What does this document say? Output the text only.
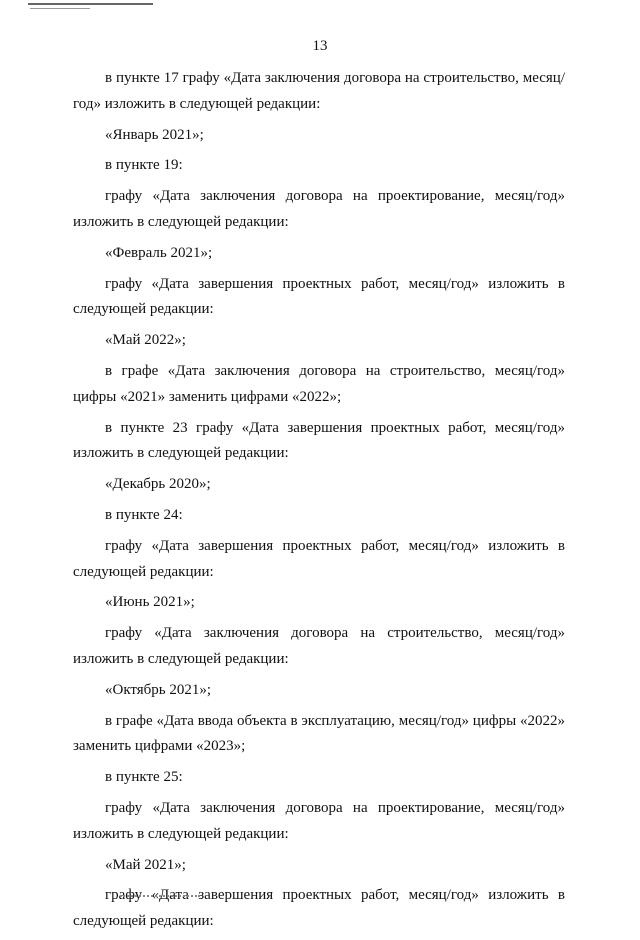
13

в пункте 17 графу «Дата заключения договора на строительство, месяц/год» изложить в следующей редакции:

«Январь 2021»;

в пункте 19:

графу «Дата заключения договора на проектирование, месяц/год» изложить в следующей редакции:

«Февраль 2021»;

графу «Дата завершения проектных работ, месяц/год» изложить в следующей редакции:

«Май 2022»;

в графе «Дата заключения договора на строительство, месяц/год» цифры «2021» заменить цифрами «2022»;

в пункте 23 графу «Дата завершения проектных работ, месяц/год» изложить в следующей редакции:

«Декабрь 2020»;

в пункте 24:

графу «Дата завершения проектных работ, месяц/год» изложить в следующей редакции:

«Июнь 2021»;

графу «Дата заключения договора на строительство, месяц/год» изложить в следующей редакции:

«Октябрь 2021»;

в графе «Дата ввода объекта в эксплуатацию, месяц/год» цифры «2022» заменить цифрами «2023»;

в пункте 25:

графу «Дата заключения договора на проектирование, месяц/год» изложить в следующей редакции:

«Май 2021»;

графу «Дата завершения проектных работ, месяц/год» изложить в следующей редакции:
